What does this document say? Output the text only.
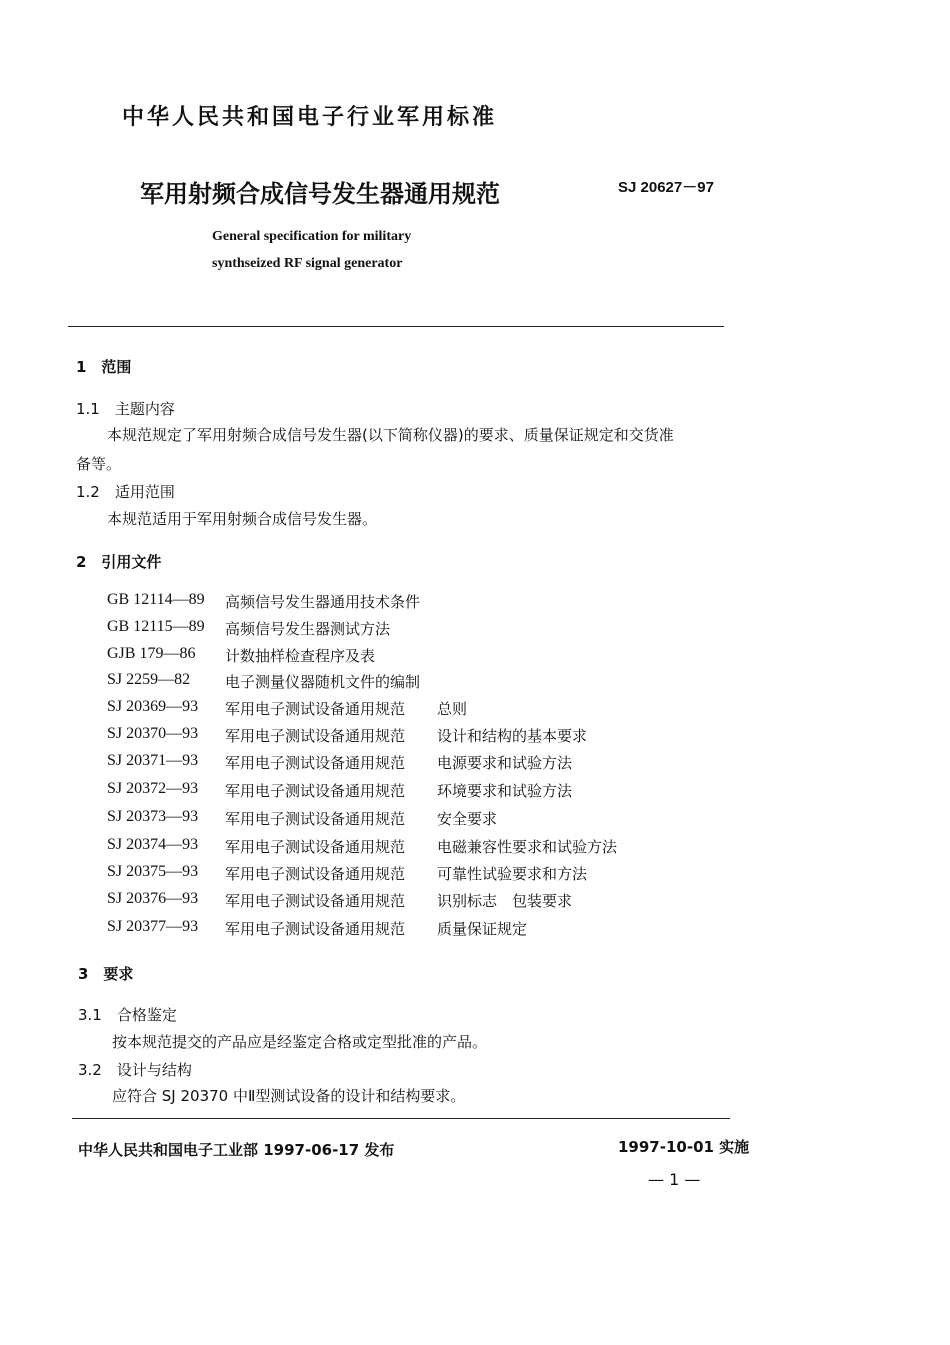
中华人民共和国电子行业军用标准
军用射频合成信号发生器通用规范	SJ 20627－97
General specification for military
synthseized RF signal generator
1　范围
1.1　主题内容
本规范规定了军用射频合成信号发生器(以下简称仪器)的要求、质量保证规定和交货准
备等。
1.2　适用范围
本规范适用于军用射频合成信号发生器。
2　引用文件
GB 12114—89 高频信号发生器通用技术条件
GB 12115—89 高频信号发生器测试方法
GJB 179—86 计数抽样检查程序及表
SJ 2259—82 电子测量仪器随机文件的编制
SJ 20369—93 军用电子测试设备通用规范 总则
SJ 20370—93 军用电子测试设备通用规范 设计和结构的基本要求
SJ 20371—93 军用电子测试设备通用规范 电源要求和试验方法
SJ 20372—93 军用电子测试设备通用规范 环境要求和试验方法
SJ 20373—93 军用电子测试设备通用规范 安全要求
SJ 20374—93 军用电子测试设备通用规范 电磁兼容性要求和试验方法
SJ 20375—93 军用电子测试设备通用规范 可靠性试验要求和方法
SJ 20376—93 军用电子测试设备通用规范 识别标志　包装要求
SJ 20377—93 军用电子测试设备通用规范 质量保证规定
3　要求
3.1　合格鉴定
按本规范提交的产品应是经鉴定合格或定型批准的产品。
3.2　设计与结构
应符合 SJ 20370 中Ⅱ型测试设备的设计和结构要求。
中华人民共和国电子工业部 1997-06-17 发布	1997-10-01 实施
— 1 —
